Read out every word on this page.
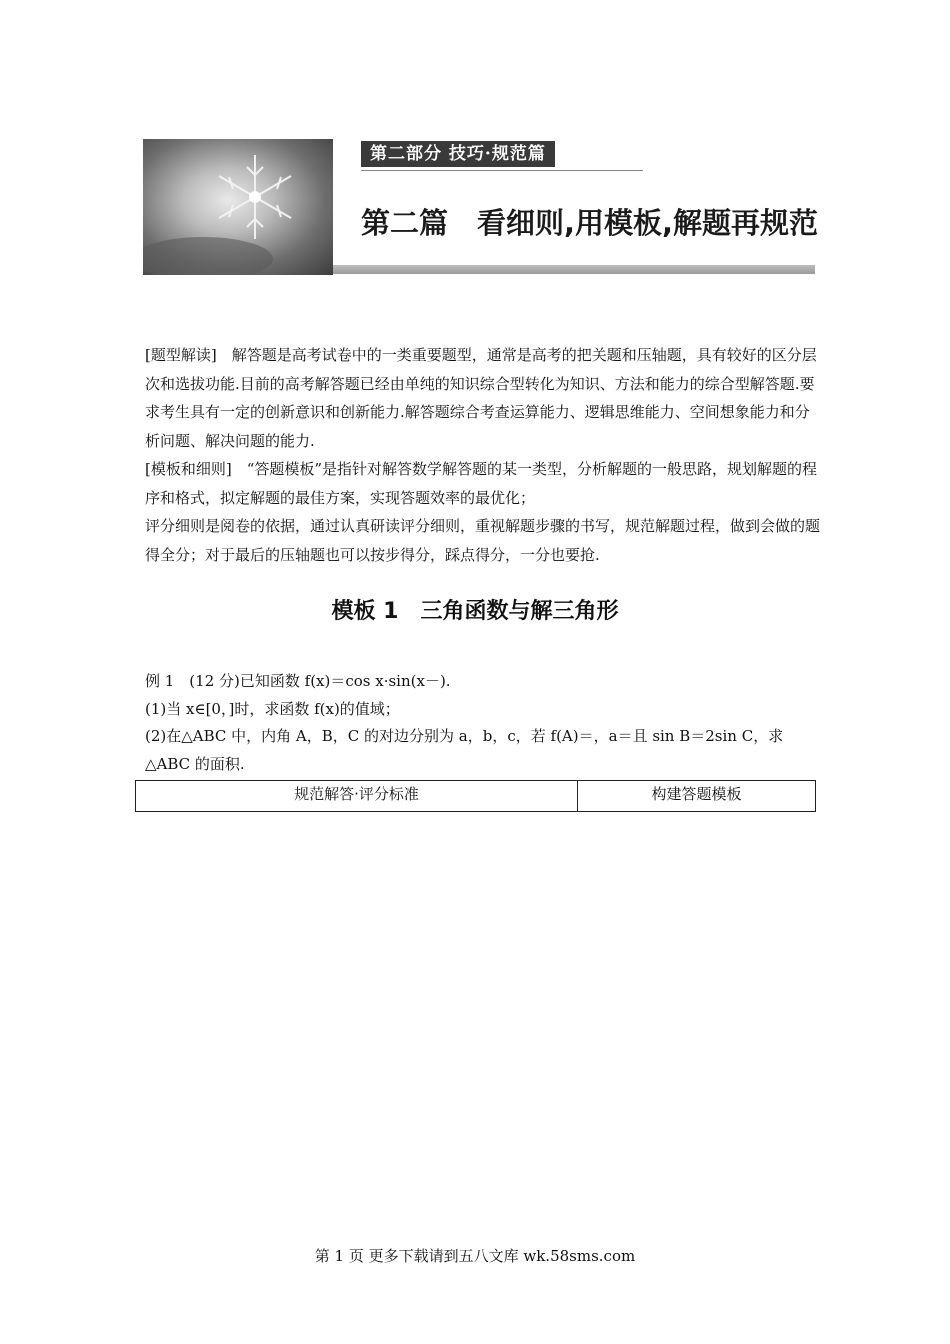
第二部分 技巧·规范篇
第二篇　看细则,用模板,解题再规范

[题型解读]　解答题是高考试卷中的一类重要题型，通常是高考的把关题和压轴题，具有较好的区分层次和选拔功能.目前的高考解答题已经由单纯的知识综合型转化为知识、方法和能力的综合型解答题.要求考生具有一定的创新意识和创新能力.解答题综合考查运算能力、逻辑思维能力、空间想象能力和分析问题、解决问题的能力.

[模板和细则]　“答题模板”是指针对解答数学解答题的某一类型，分析解题的一般思路，规划解题的程序和格式，拟定解题的最佳方案，实现答题效率的最优化；

评分细则是阅卷的依据，通过认真研读评分细则，重视解题步骤的书写，规范解题过程，做到会做的题得全分；对于最后的压轴题也可以按步得分，踩点得分，一分也要抢.

模板 1　三角函数与解三角形

例 1　(12 分)已知函数 f(x)＝cos x·sin(x－).

(1)当 x∈[0，]时，求函数 f(x)的值域；

(2)在△ABC 中，内角 A，B，C 的对边分别为 a，b，c，若 f(A)＝，a＝且 sin B＝2sin C，求

△ABC 的面积.

规范解答·评分标准	构建答题模板
第 1 页 更多下载请到五八文库 wk.58sms.com
